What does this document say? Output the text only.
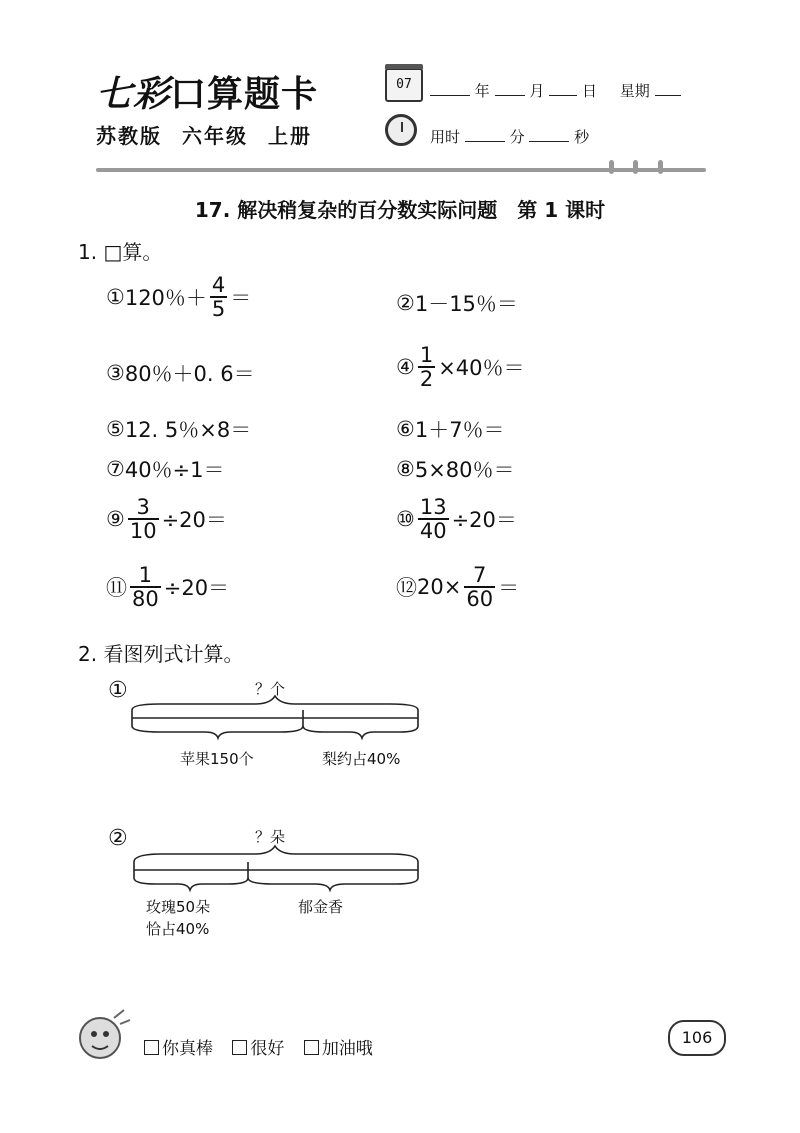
七彩口算题卡
苏教版 六年级 上册
07	年	月	日 星期
用时	分	秒
17. 解决稍复杂的百分数实际问题　第 1 课时
1. □算。
① 120％＋ $\frac{4}{5}$ ＝	② 1－15％＝
③ 80％＋0. 6＝	④ $\frac{1}{2} \times 40$％＝
⑤ 12. 5％×8＝	⑥ 1＋7％＝
⑦ 40％÷1＝	⑧ 5×80％＝
⑨ $\frac{3}{10} \div 20=$	⑩ $\frac{13}{40} \div 20=$
⑪ $\frac{1}{80} \div 20=$	⑫ $20\times \frac{7}{60}$ ＝
2. 看图列式计算。
①	？个
苹果150个	梨约占40%
②	？朵
玫瑰50朵
恰占40%
郁金香
你真棒 很好 加油哦
106
